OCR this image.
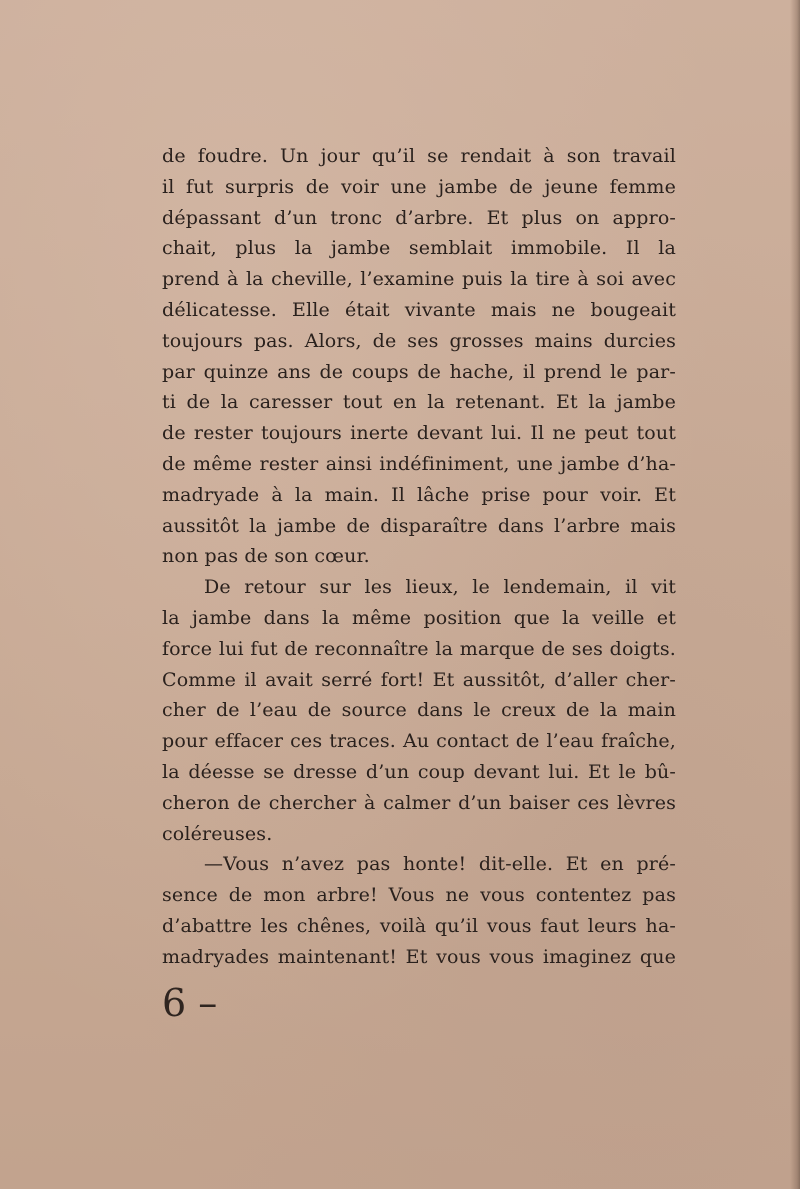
de foudre. Un jour qu’il se rendait à son travail
il fut surpris de voir une jambe de jeune femme
dépassant d’un tronc d’arbre. Et plus on appro-
chait, plus la jambe semblait immobile. Il la
prend à la cheville, l’examine puis la tire à soi avec
délicatesse. Elle était vivante mais ne bougeait
toujours pas. Alors, de ses grosses mains durcies
par quinze ans de coups de hache, il prend le par-
ti de la caresser tout en la retenant. Et la jambe
de rester toujours inerte devant lui. Il ne peut tout
de même rester ainsi indéfiniment, une jambe d’ha-
madryade à la main. Il lâche prise pour voir. Et
aussitôt la jambe de disparaître dans l’arbre mais
non pas de son cœur.
De retour sur les lieux, le lendemain, il vit
la jambe dans la même position que la veille et
force lui fut de reconnaître la marque de ses doigts.
Comme il avait serré fort! Et aussitôt, d’aller cher-
cher de l’eau de source dans le creux de la main
pour effacer ces traces. Au contact de l’eau fraîche,
la déesse se dresse d’un coup devant lui. Et le bû-
cheron de chercher à calmer d’un baiser ces lèvres
coléreuses.
—Vous n’avez pas honte! dit-elle. Et en pré-
sence de mon arbre! Vous ne vous contentez pas
d’abattre les chênes, voilà qu’il vous faut leurs ha-
madryades maintenant! Et vous vous imaginez que
6 –
